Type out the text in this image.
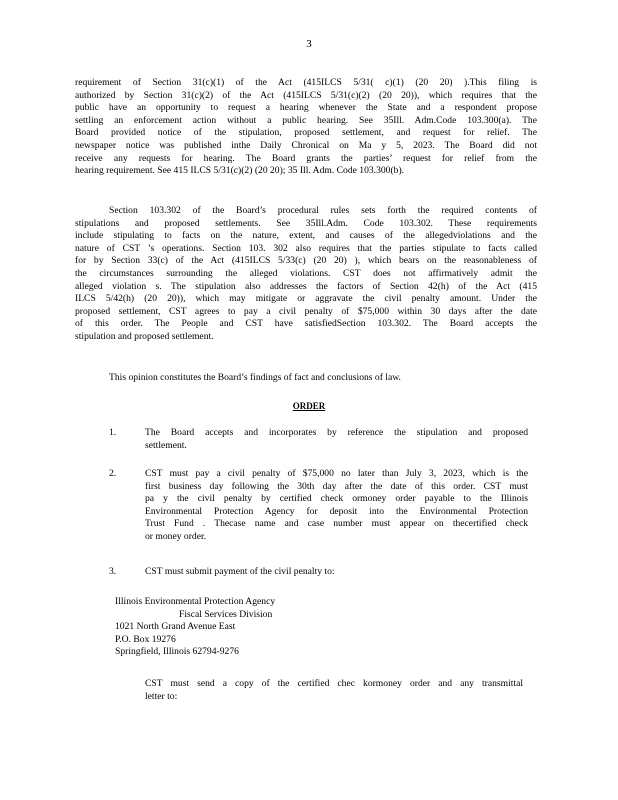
3
requirement of Section 31(c)(1) of the Act (415ILCS 5/31( c)(1) (20 20) ).This filing is
authorized by Section 31(c)(2) of the Act (415ILCS 5/31(c)(2) (20 20)), which requires that the
public have an opportunity to request a hearing whenever the State and a respondent propose
settling an enforcement action without a public hearing. See 35Ill. Adm.Code 103.300(a). The
Board provided notice of the stipulation, proposed settlement, and request for relief. The
newspaper notice was published inthe Daily Chronical on Ma y 5, 2023. The Board did not
receive any requests for hearing. The Board grants the parties’ request for relief from the
hearing requirement. See 415 ILCS 5/31(c)(2) (20 20); 35 Ill. Adm. Code 103.300(b).
Section 103.302 of the Board’s procedural rules sets forth the required contents of
stipulations and proposed settlements. See 35Ill.Adm. Code 103.302. These requirements
include stipulating to facts on the nature, extent, and causes of the allegedviolations and the
nature of CST ’s operations. Section 103. 302 also requires that the parties stipulate to facts called
for by Section 33(c) of the Act (415ILCS 5/33(c) (20 20) ), which bears on the reasonableness of
the circumstances surrounding the alleged violations. CST does not affirmatively admit the
alleged violation s. The stipulation also addresses the factors of Section 42(h) of the Act (415
ILCS 5/42(h) (20 20)), which may mitigate or aggravate the civil penalty amount. Under the
proposed settlement, CST agrees to pay a civil penalty of $75,000 within 30 days after the date
of this order. The People and CST have satisfiedSection 103.302. The Board accepts the
stipulation and proposed settlement.
This opinion constitutes the Board’s findings of fact and conclusions of law.
ORDER
1.	The Board accepts and incorporates by reference the stipulation and proposed
settlement.
2.	CST must pay a civil penalty of $75,000 no later than July 3, 2023, which is the
first business day following the 30th day after the date of this order. CST must
pa y the civil penalty by certified check ormoney order payable to the Illinois
Environmental Protection Agency for deposit into the Environmental Protection
Trust Fund . Thecase name and case number must appear on thecertified check
or money order.
3.	CST must submit payment of the civil penalty to:
Illinois Environmental Protection Agency
Fiscal Services Division
1021 North Grand Avenue East
P.O. Box 19276
Springfield, Illinois 62794-9276
CST must send a copy of the certified chec kormoney order and any transmittal
letter to:
